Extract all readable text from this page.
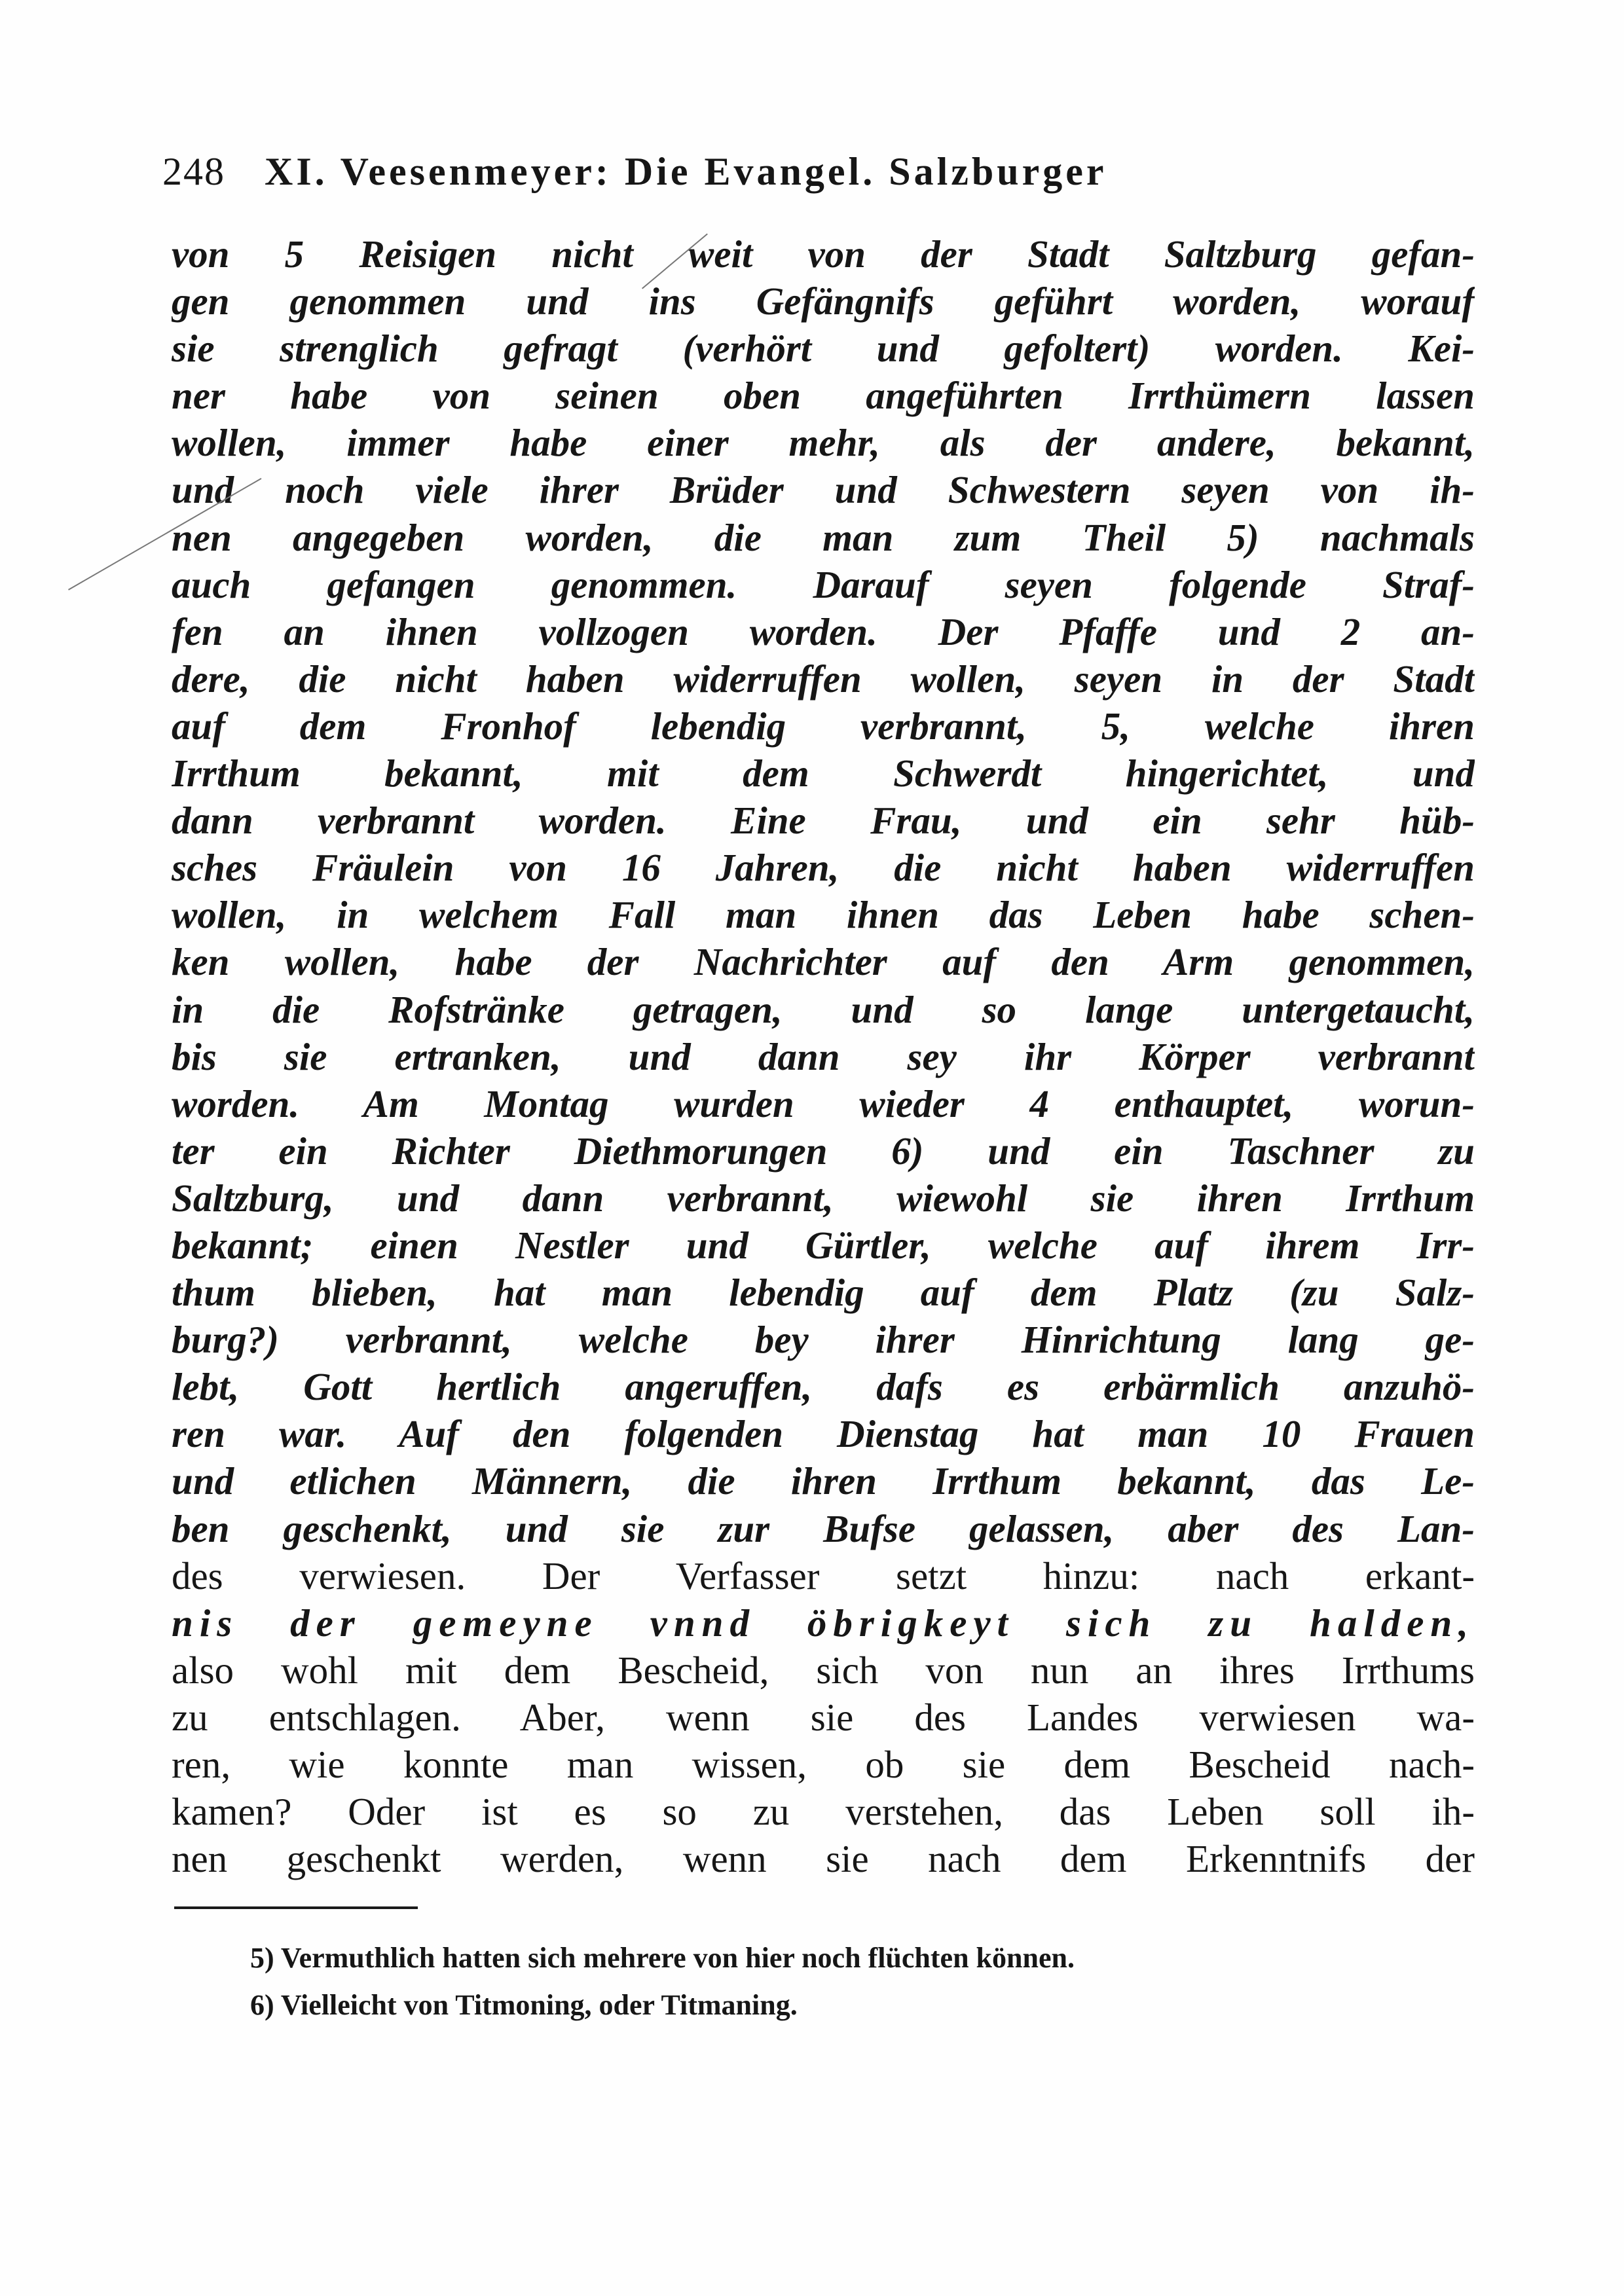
248 XI. Veesenmeyer: Die Evangel. Salzburger
von 5 Reisigen nicht weit von der Stadt Saltzburg gefan-
gen genommen und ins Gefängnifs geführt worden, worauf
sie strenglich gefragt (verhört und gefoltert) worden. Kei-
ner habe von seinen oben angeführten Irrthümern lassen
wollen, immer habe einer mehr, als der andere, bekannt,
und noch viele ihrer Brüder und Schwestern seyen von ih-
nen angegeben worden, die man zum Theil 5) nachmals
auch gefangen genommen. Darauf seyen folgende Straf-
fen an ihnen vollzogen worden. Der Pfaffe und 2 an-
dere, die nicht haben widerruffen wollen, seyen in der Stadt
auf dem Fronhof lebendig verbrannt, 5, welche ihren
Irrthum bekannt, mit dem Schwerdt hingerichtet, und
dann verbrannt worden. Eine Frau, und ein sehr hüb-
sches Fräulein von 16 Jahren, die nicht haben widerruffen
wollen, in welchem Fall man ihnen das Leben habe schen-
ken wollen, habe der Nachrichter auf den Arm genommen,
in die Rofstränke getragen, und so lange untergetaucht,
bis sie ertranken, und dann sey ihr Körper verbrannt
worden. Am Montag wurden wieder 4 enthauptet, worun-
ter ein Richter Diethmorungen 6) und ein Taschner zu
Saltzburg, und dann verbrannt, wiewohl sie ihren Irrthum
bekannt; einen Nestler und Gürtler, welche auf ihrem Irr-
thum blieben, hat man lebendig auf dem Platz (zu Salz-
burg?) verbrannt, welche bey ihrer Hinrichtung lang ge-
lebt, Gott hertlich angeruffen, dafs es erbärmlich anzuhö-
ren war. Auf den folgenden Dienstag hat man 10 Frauen
und etlichen Männern, die ihren Irrthum bekannt, das Le-
ben geschenkt, und sie zur Bufse gelassen, aber des Lan-
des verwiesen. Der Verfasser setzt hinzu: nach erkant-
nis der gemeyne vnnd öbrigkeyt sich zu halden,
also wohl mit dem Bescheid, sich von nun an ihres Irrthums
zu entschlagen. Aber, wenn sie des Landes verwiesen wa-
ren, wie konnte man wissen, ob sie dem Bescheid nach-
kamen? Oder ist es so zu verstehen, das Leben soll ih-
nen geschenkt werden, wenn sie nach dem Erkenntnifs der
5) Vermuthlich hatten sich mehrere von hier noch flüchten können.
6) Vielleicht von Titmoning, oder Titmaning.
